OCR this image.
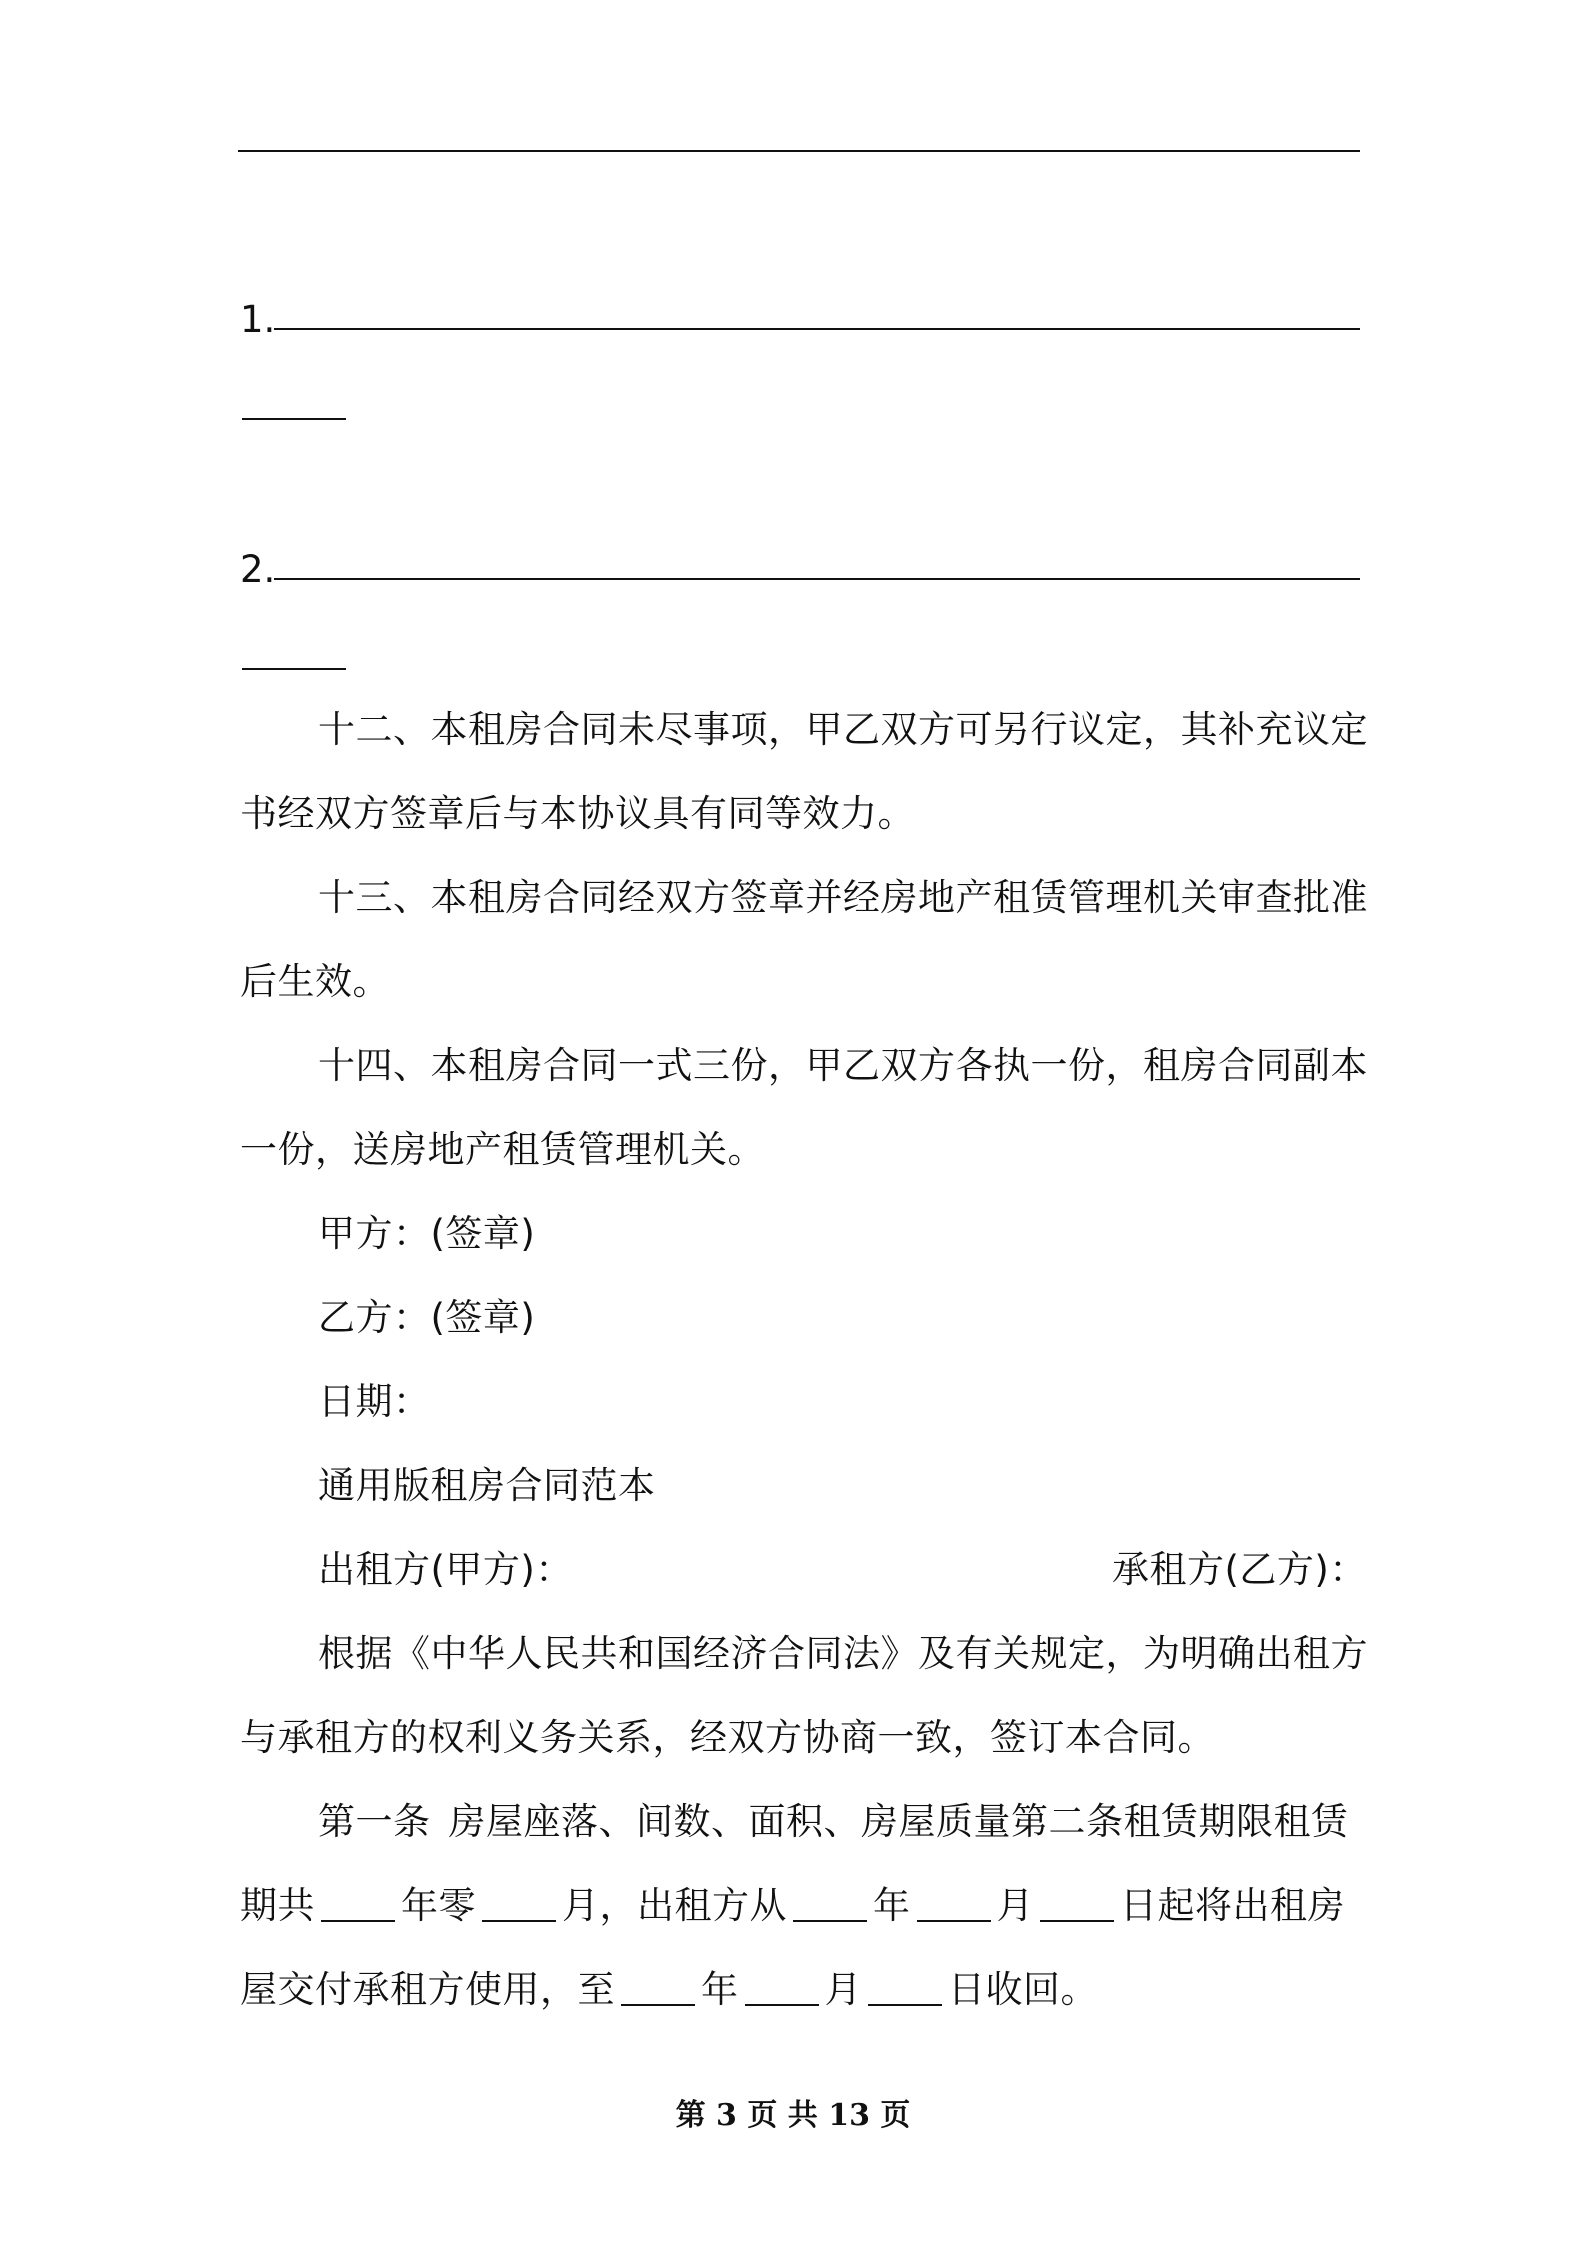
1.
2.
十二、本租房合同未尽事项，甲乙双方可另行议定，其补充议定
书经双方签章后与本协议具有同等效力。
十三、本租房合同经双方签章并经房地产租赁管理机关审查批准
后生效。
十四、本租房合同一式三份，甲乙双方各执一份，租房合同副本
一份，送房地产租赁管理机关。
甲方：(签章)
乙方：(签章)
日期：
通用版租房合同范本
出租方(甲方)：	承租方(乙方)：
根据《中华人民共和国经济合同法》及有关规定，为明确出租方
与承租方的权利义务关系，经双方协商一致，签订本合同。
第一条 房屋座落、间数、面积、房屋质量第二条租赁期限租赁
期共 年零 月，出租方从 年 月 日起将出租房
屋交付承租方使用，至 年 月 日收回。
第 3 页 共 13 页
